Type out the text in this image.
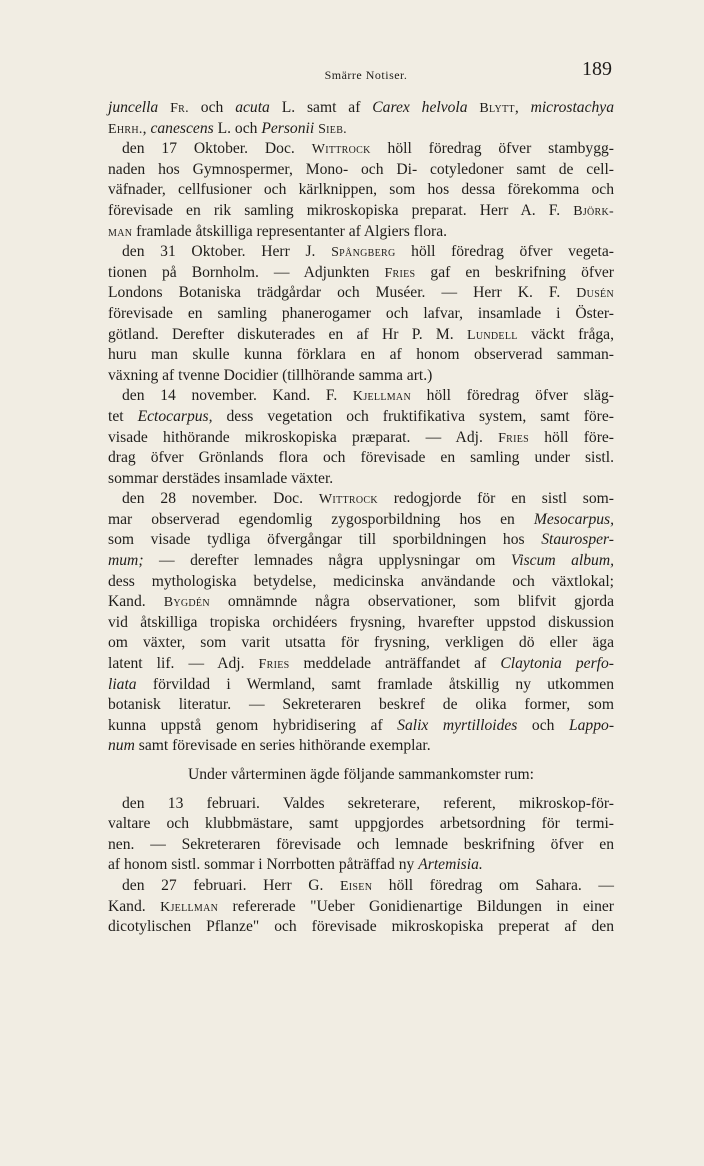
Smärre Notiser.	189
juncella Fr. och acuta L. samt af Carex helvola Blytt, microstachya
Ehrh., canescens L. och Personii Sieb.
den 17 Oktober. Doc. Wittrock höll föredrag öfver stambygg-
naden hos Gymnospermer, Mono- och Di- cotyledoner samt de cell-
väfnader, cellfusioner och kärlknippen, som hos dessa förekomma och
förevisade en rik samling mikroskopiska preparat. Herr A. F. Björk-
man framlade åtskilliga representanter af Algiers flora.
den 31 Oktober. Herr J. Spångberg höll föredrag öfver vegeta-
tionen på Bornholm. — Adjunkten Fries gaf en beskrifning öfver
Londons Botaniska trädgårdar och Muséer. — Herr K. F. Dusén
förevisade en samling phanerogamer och lafvar, insamlade i Öster-
götland. Derefter diskuterades en af Hr P. M. Lundell väckt fråga,
huru man skulle kunna förklara en af honom observerad samman-
växning af tvenne Docidier (tillhörande samma art.)
den 14 november. Kand. F. Kjellman höll föredrag öfver släg-
tet Ectocarpus, dess vegetation och fruktifikativa system, samt före-
visade hithörande mikroskopiska præparat. — Adj. Fries höll före-
drag öfver Grönlands flora och förevisade en samling under sistl.
sommar derstädes insamlade växter.
den 28 november. Doc. Wittrock redogjorde för en sistl som-
mar observerad egendomlig zygosporbildning hos en Mesocarpus,
som visade tydliga öfvergångar till sporbildningen hos Staurosper-
mum; — derefter lemnades några upplysningar om Viscum album,
dess mythologiska betydelse, medicinska användande och växtlokal;
Kand. Bygdén omnämnde några observationer, som blifvit gjorda
vid åtskilliga tropiska orchidéers frysning, hvarefter uppstod diskussion
om växter, som varit utsatta för frysning, verkligen dö eller äga
latent lif. — Adj. Fries meddelade anträffandet af Claytonia perfo-
liata förvildad i Wermland, samt framlade åtskillig ny utkommen
botanisk literatur. — Sekreteraren beskref de olika former, som
kunna uppstå genom hybridisering af Salix myrtilloides och Lappo-
num samt förevisade en series hithörande exemplar.
Under vårterminen ägde följande sammankomster rum:
den 13 februari. Valdes sekreterare, referent, mikroskop-för-
valtare och klubbmästare, samt uppgjordes arbetsordning för termi-
nen. — Sekreteraren förevisade och lemnade beskrifning öfver en
af honom sistl. sommar i Norrbotten påträffad ny Artemisia.
den 27 februari. Herr G. Eisen höll föredrag om Sahara. —
Kand. Kjellman refererade "Ueber Gonidienartige Bildungen in einer
dicotylischen Pflanze" och förevisade mikroskopiska preperat af den
